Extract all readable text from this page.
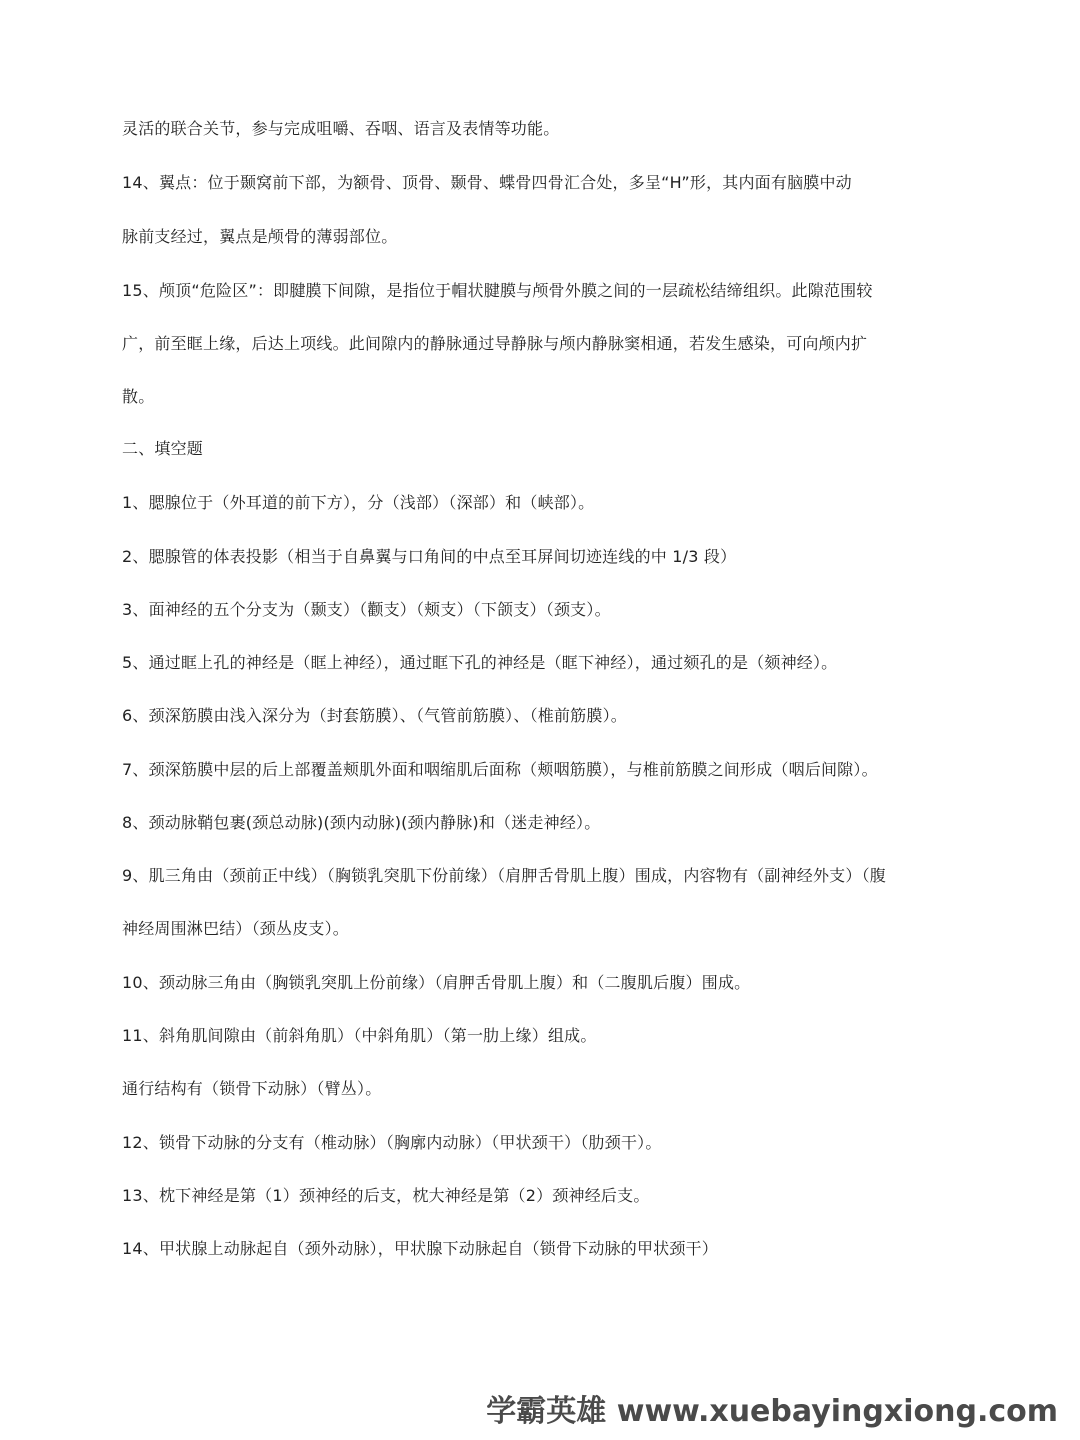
灵活的联合关节，参与完成咀嚼、吞咽、语言及表情等功能。
14、翼点：位于颞窝前下部，为额骨、顶骨、颞骨、蝶骨四骨汇合处，多呈“H”形，其内面有脑膜中动
脉前支经过，翼点是颅骨的薄弱部位。
15、颅顶“危险区”：即腱膜下间隙，是指位于帽状腱膜与颅骨外膜之间的一层疏松结缔组织。此隙范围较
广，前至眶上缘，后达上项线。此间隙内的静脉通过导静脉与颅内静脉窦相通，若发生感染，可向颅内扩
散。
二、填空题
1、腮腺位于（外耳道的前下方），分（浅部）（深部）和（峡部）。
2、腮腺管的体表投影（相当于自鼻翼与口角间的中点至耳屏间切迹连线的中 1/3 段）
3、面神经的五个分支为（颞支）（颧支）（颊支）（下颌支）（颈支）。
5、通过眶上孔的神经是（眶上神经），通过眶下孔的神经是（眶下神经），通过颏孔的是（颏神经）。
6、颈深筋膜由浅入深分为（封套筋膜）、（气管前筋膜）、（椎前筋膜）。
7、颈深筋膜中层的后上部覆盖颊肌外面和咽缩肌后面称（颊咽筋膜），与椎前筋膜之间形成（咽后间隙）。
8、颈动脉鞘包裹(颈总动脉)(颈内动脉)(颈内静脉)和（迷走神经）。
9、肌三角由（颈前正中线）（胸锁乳突肌下份前缘）（肩胛舌骨肌上腹）围成，内容物有（副神经外支）（腹
神经周围淋巴结）（颈丛皮支）。
10、颈动脉三角由（胸锁乳突肌上份前缘）（肩胛舌骨肌上腹）和（二腹肌后腹）围成。
11、斜角肌间隙由（前斜角肌）（中斜角肌）（第一肋上缘）组成。
通行结构有（锁骨下动脉）（臂丛）。
12、锁骨下动脉的分支有（椎动脉）（胸廓内动脉）（甲状颈干）（肋颈干）。
13、枕下神经是第（1）颈神经的后支，枕大神经是第（2）颈神经后支。
14、甲状腺上动脉起自（颈外动脉），甲状腺下动脉起自（锁骨下动脉的甲状颈干）
学霸英雄 www.xuebayingxiong.com
